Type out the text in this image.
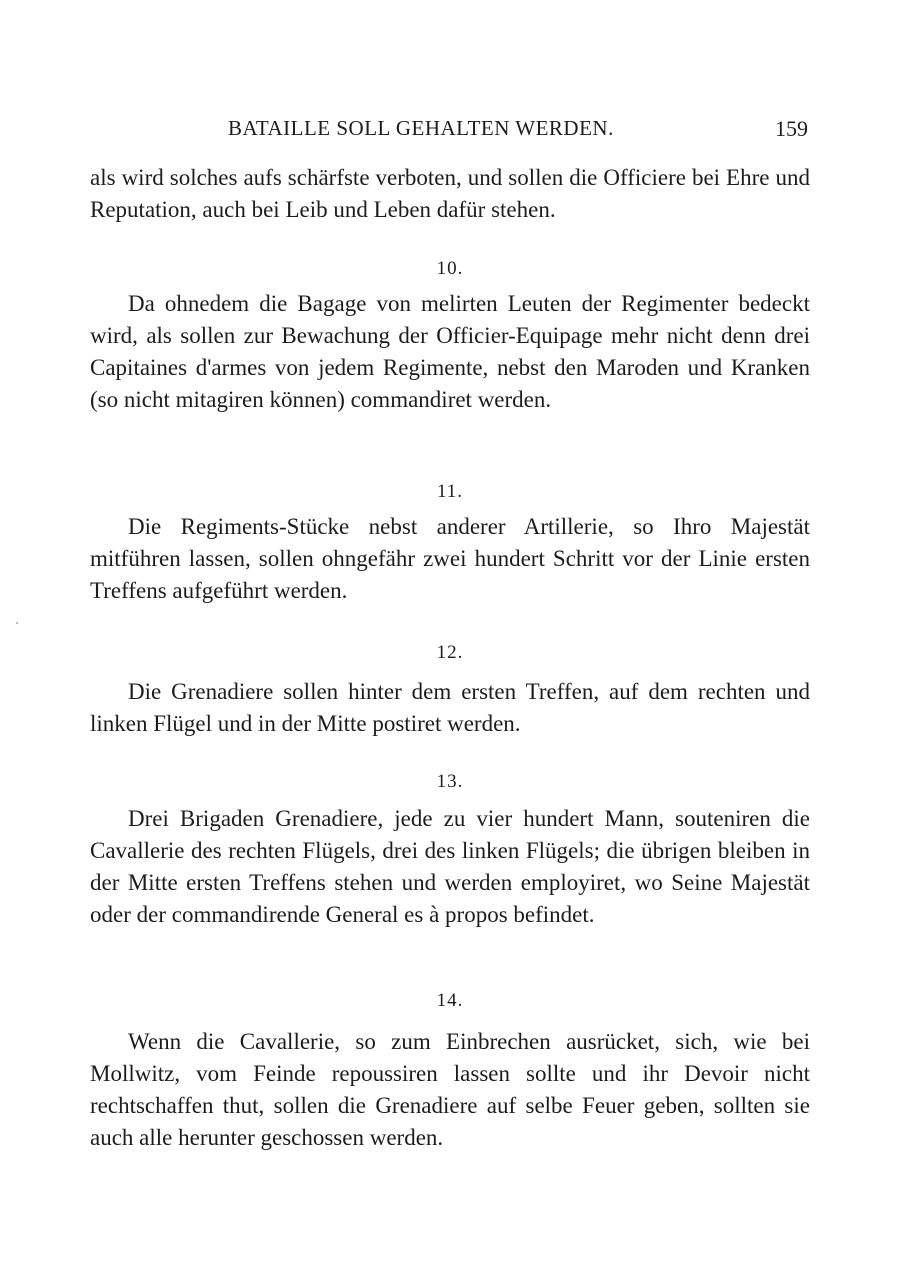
BATAILLE SOLL GEHALTEN WERDEN.	159

als wird solches aufs schärfste verboten, und sollen die Officiere bei Ehre und Reputation, auch bei Leib und Leben dafür stehen.

10.

Da ohnedem die Bagage von melirten Leuten der Regimenter bedeckt wird, als sollen zur Bewachung der Officier-Equipage mehr nicht denn drei Capitaines d'armes von jedem Regimente, nebst den Maroden und Kranken (so nicht mitagiren können) commandiret werden.

11.

Die Regiments-Stücke nebst anderer Artillerie, so Ihro Majestät mitführen lassen, sollen ohngefähr zwei hundert Schritt vor der Linie ersten Treffens aufgeführt werden.

12.

Die Grenadiere sollen hinter dem ersten Treffen, auf dem rechten und linken Flügel und in der Mitte postiret werden.

13.

Drei Brigaden Grenadiere, jede zu vier hundert Mann, souteniren die Cavallerie des rechten Flügels, drei des linken Flügels; die übrigen bleiben in der Mitte ersten Treffens stehen und werden employiret, wo Seine Majestät oder der commandirende General es à propos befindet.

14.

Wenn die Cavallerie, so zum Einbrechen ausrücket, sich, wie bei Mollwitz, vom Feinde repoussiren lassen sollte und ihr Devoir nicht rechtschaffen thut, sollen die Grenadiere auf selbe Feuer geben, sollten sie auch alle herunter geschossen werden.
